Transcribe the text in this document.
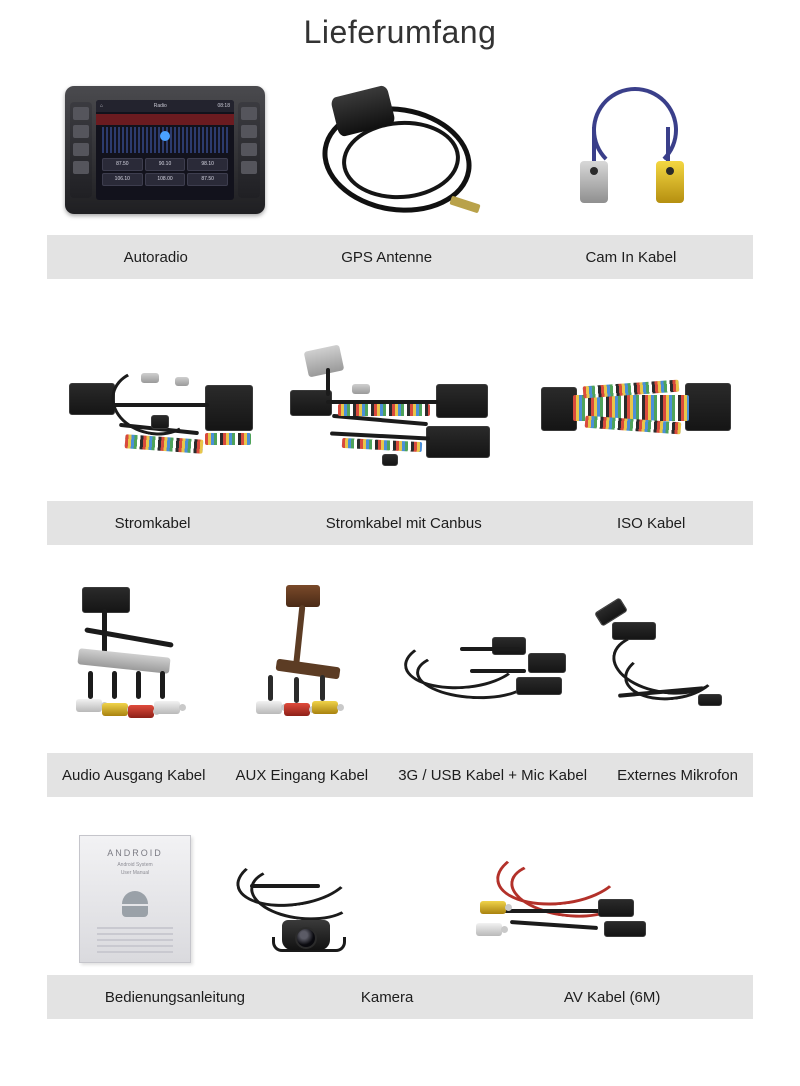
Lieferumfang
⌂	Radio	08:18
87.50	90.10	98.10
106.10	108.00	87.50
Autoradio	GPS Antenne	Cam In Kabel
Stromkabel	Stromkabel mit Canbus	ISO Kabel
Audio Ausgang Kabel	AUX Eingang Kabel	3G / USB Kabel + Mic Kabel	Externes Mikrofon
ANDROID
Android System
User Manual
Bedienungsanleitung	Kamera	AV Kabel (6M)
